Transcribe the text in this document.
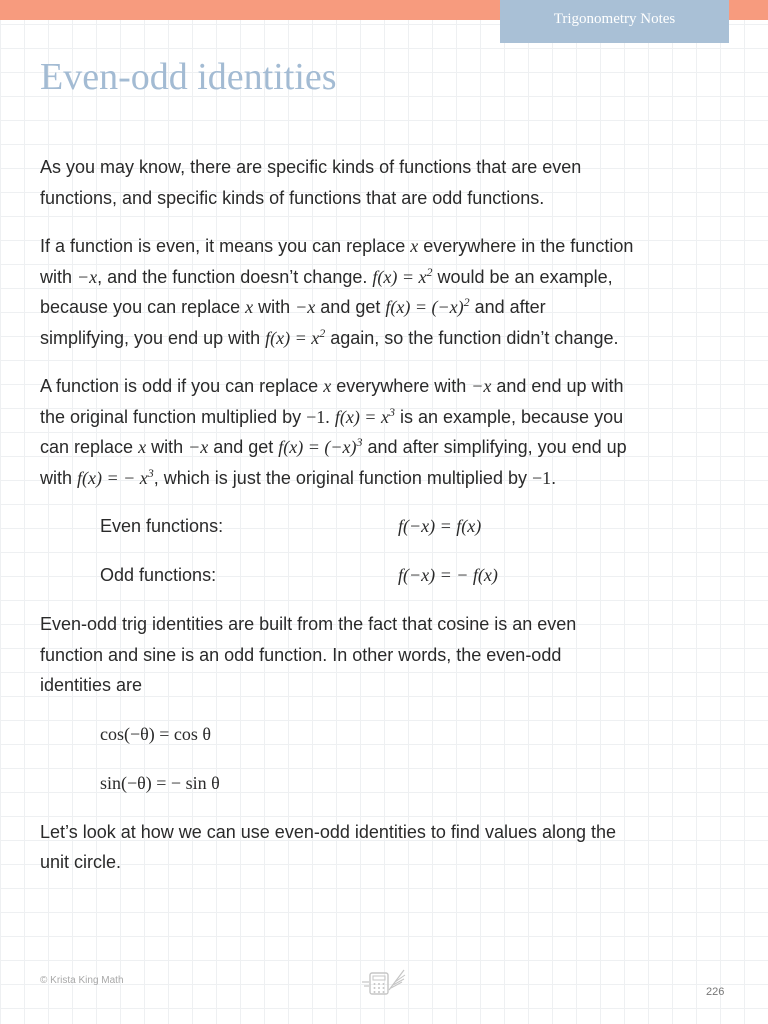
Trigonometry Notes
Even-odd identities

As you may know, there are specific kinds of functions that are even
functions, and specific kinds of functions that are odd functions.

If a function is even, it means you can replace x everywhere in the function
with −x, and the function doesn’t change. $f(x) = x^2$ would be an example,
because you can replace x with −x and get $f(x) = (-x)^2$ and after
simplifying, you end up with $f(x) = x^2$ again, so the function didn’t change.

A function is odd if you can replace x everywhere with −x and end up with
the original function multiplied by −1. $f(x) = x^3$ is an example, because you
can replace x with −x and get $f(x) = (-x)^3$ and after simplifying, you end up
with f(x) = − $x^3$, which is just the original function multiplied by −1.

Even functions:	f(−x) = f(x)
Odd functions:	f(−x) = − f(x)

Even-odd trig identities are built from the fact that cosine is an even
function and sine is an odd function. In other words, the even-odd
identities are

cos(−θ) = cos θ
sin(−θ) = − sin θ

Let’s look at how we can use even-odd identities to find values along the
unit circle.

© Krista King Math
226
